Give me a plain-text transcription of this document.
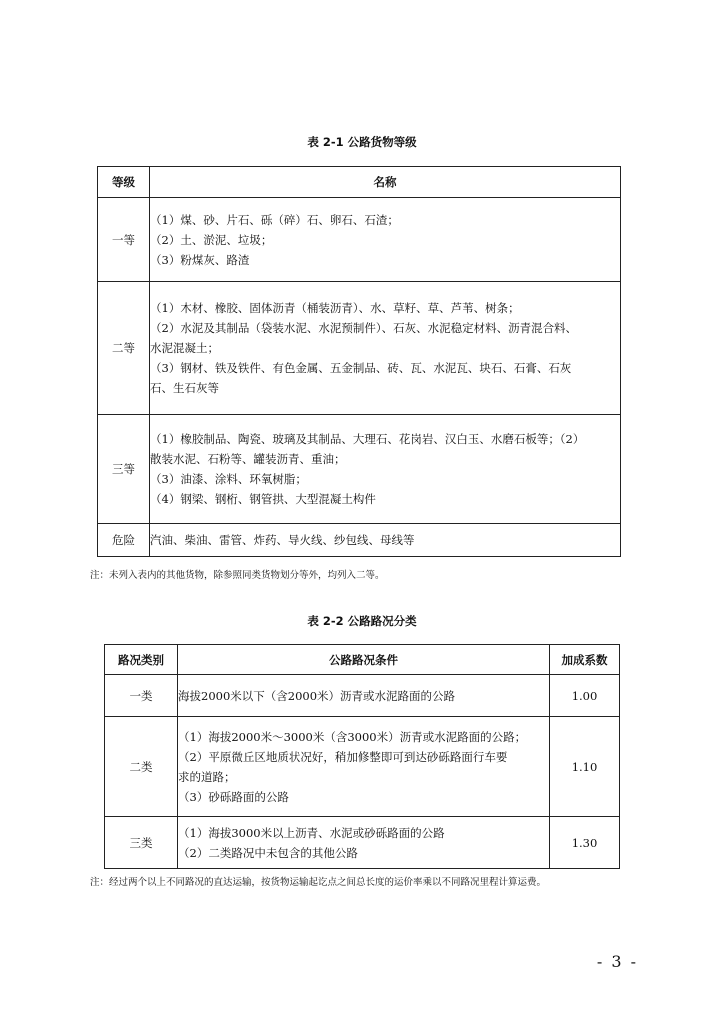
表 2-1 公路货物等级
等级	名称
一等	（1）煤、砂、片石、砾（碎）石、卵石、石渣；
（2）土、淤泥、垃圾；
（3）粉煤灰、路渣

二等	（1）木材、橡胶、固体沥青（桶装沥青）、水、草籽、草、芦苇、树条；
（2）水泥及其制品（袋装水泥、水泥预制件）、石灰、水泥稳定材料、沥青混合料、
水泥混凝土；
（3）钢材、铁及铁件、有色金属、五金制品、砖、瓦、水泥瓦、块石、石膏、石灰
石、生石灰等

三等	（1）橡胶制品、陶瓷、玻璃及其制品、大理石、花岗岩、汉白玉、水磨石板等；（2）
散装水泥、石粉等、罐装沥青、重油；
（3）油漆、涂料、环氧树脂；
（4）钢梁、钢桁、钢管拱、大型混凝土构件

危险	汽油、柴油、雷管、炸药、导火线、纱包线、母线等
注：未列入表内的其他货物，除参照同类货物划分等外，均列入二等。
表 2-2 公路路况分类
路况类别	公路路况条件	加成系数
一类	海拔2000米以下（含2000米）沥青或水泥路面的公路	1.00
二类	（1）海拔2000米～3000米（含3000米）沥青或水泥路面的公路；
（2）平原微丘区地质状况好，稍加修整即可到达砂砾路面行车要
求的道路；
（3）砂砾路面的公路	1.10
三类	（1）海拔3000米以上沥青、水泥或砂砾路面的公路
（2）二类路况中未包含的其他公路	1.30
注：经过两个以上不同路况的直达运输，按货物运输起讫点之间总长度的运价率乘以不同路况里程计算运费。
- 3 -
